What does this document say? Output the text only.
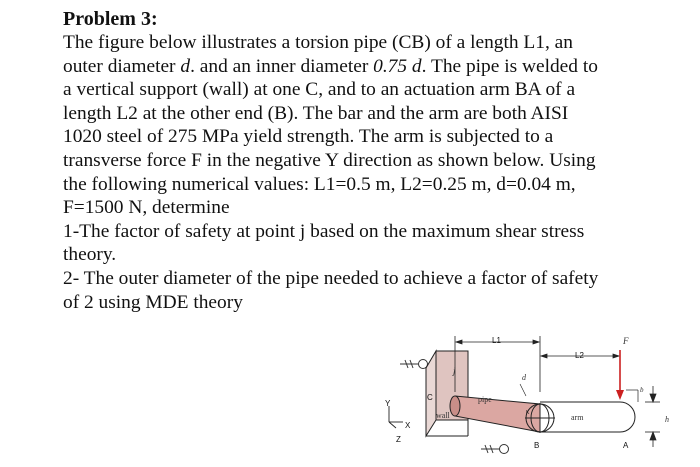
Problem 3:
The figure below illustrates a torsion pipe (CB) of a length L1, an
outer diameter d. and an inner diameter 0.75 d. The pipe is welded to
a vertical support (wall) at one C, and to an actuation arm BA of a
length L2 at the other end (B). The bar and the arm are both AISI
1020 steel of 275 MPa yield strength. The arm is subjected to a
transverse force F in the negative Y direction as shown below. Using
the following numerical values: L1=0.5 m, L2=0.25 m, d=0.04 m,
F=1500 N, determine
1-The factor of safety at point j based on the maximum shear stress
theory.
2- The outer diameter of the pipe needed to achieve a factor of safety
of 2 using MDE theory
L1
L2
F
d
j
C
K
pipe
wall	arm
b
h
B	A
Y
X
Z
